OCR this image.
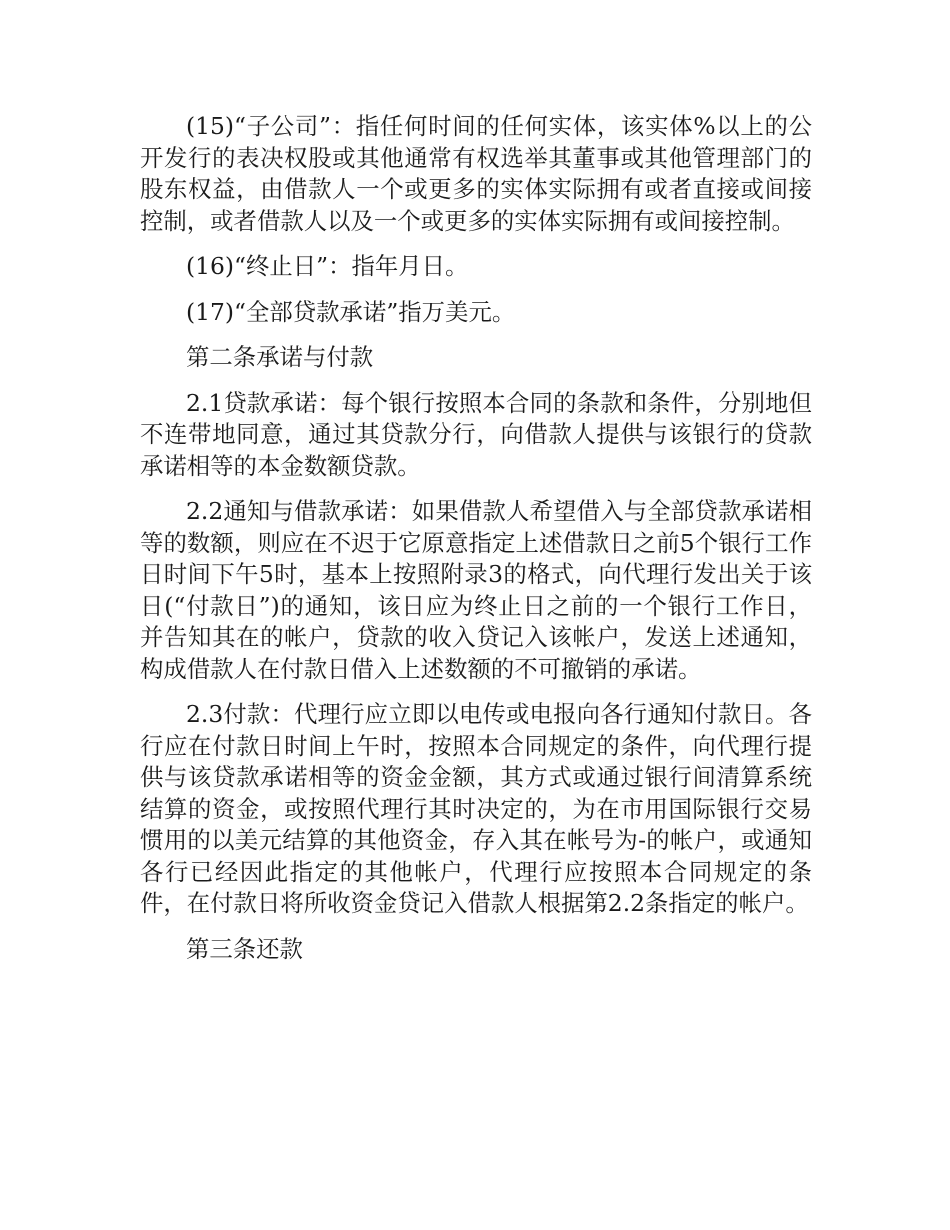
(15)“子公司”：指任何时间的任何实体，该实体%以上的公开发行的表决权股或其他通常有权选举其董事或其他管理部门的股东权益，由借款人一个或更多的实体实际拥有或者直接或间接控制，或者借款人以及一个或更多的实体实际拥有或间接控制。

(16)“终止日”：指年月日。

(17)“全部贷款承诺”指万美元。

第二条承诺与付款

2.1贷款承诺：每个银行按照本合同的条款和条件，分别地但不连带地同意，通过其贷款分行，向借款人提供与该银行的贷款承诺相等的本金数额贷款。

2.2通知与借款承诺：如果借款人希望借入与全部贷款承诺相等的数额，则应在不迟于它原意指定上述借款日之前5个银行工作日时间下午5时，基本上按照附录3的格式，向代理行发出关于该日(“付款日”)的通知，该日应为终止日之前的一个银行工作日，并告知其在的帐户，贷款的收入贷记入该帐户，发送上述通知，构成借款人在付款日借入上述数额的不可撤销的承诺。

2.3付款：代理行应立即以电传或电报向各行通知付款日。各行应在付款日时间上午时，按照本合同规定的条件，向代理行提供与该贷款承诺相等的资金金额，其方式或通过银行间清算系统结算的资金，或按照代理行其时决定的，为在市用国际银行交易惯用的以美元结算的其他资金，存入其在帐号为-的帐户，或通知各行已经因此指定的其他帐户，代理行应按照本合同规定的条件，在付款日将所收资金贷记入借款人根据第2.2条指定的帐户。

第三条还款
